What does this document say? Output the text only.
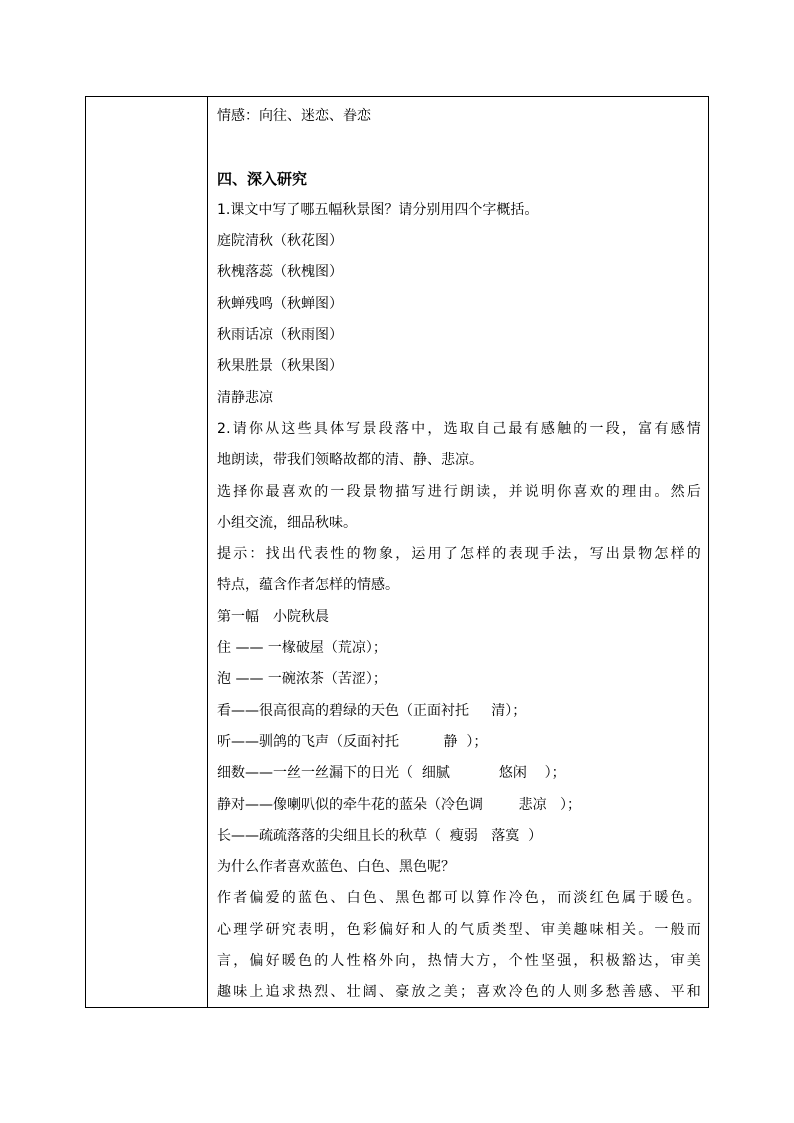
情感：向往、迷恋、眷恋
四、深入研究
1.课文中写了哪五幅秋景图？请分别用四个字概括。
庭院清秋（秋花图）
秋槐落蕊（秋槐图）
秋蝉残鸣（秋蝉图）
秋雨话凉（秋雨图）
秋果胜景（秋果图）
清静悲凉
2.请你从这些具体写景段落中，选取自己最有感触的一段，富有感情
地朗读，带我们领略故都的清、静、悲凉。
选择你最喜欢的一段景物描写进行朗读，并说明你喜欢的理由。然后
小组交流，细品秋味。
提示：找出代表性的物象，运用了怎样的表现手法，写出景物怎样的
特点，蕴含作者怎样的情感。
第一幅　小院秋晨
住 —— 一椽破屋（荒凉）；
泡 —— 一碗浓茶（苦涩）；
看——很高很高的碧绿的天色（正面衬托     清）；
听——驯鸽的飞声（反面衬托          静  ）；
细数——一丝一丝漏下的日光（  细腻           悠闲    ）；
静对——像喇叭似的牵牛花的蓝朵（冷色调        悲凉   ）；
长——疏疏落落的尖细且长的秋草（  瘦弱   落寞  ）
为什么作者喜欢蓝色、白色、黑色呢？
作者偏爱的蓝色、白色、黑色都可以算作冷色，而淡红色属于暖色。
心理学研究表明，色彩偏好和人的气质类型、审美趣味相关。一般而
言，偏好暖色的人性格外向，热情大方，个性坚强，积极豁达，审美
趣味上追求热烈、壮阔、豪放之美；喜欢冷色的人则多愁善感、平和
